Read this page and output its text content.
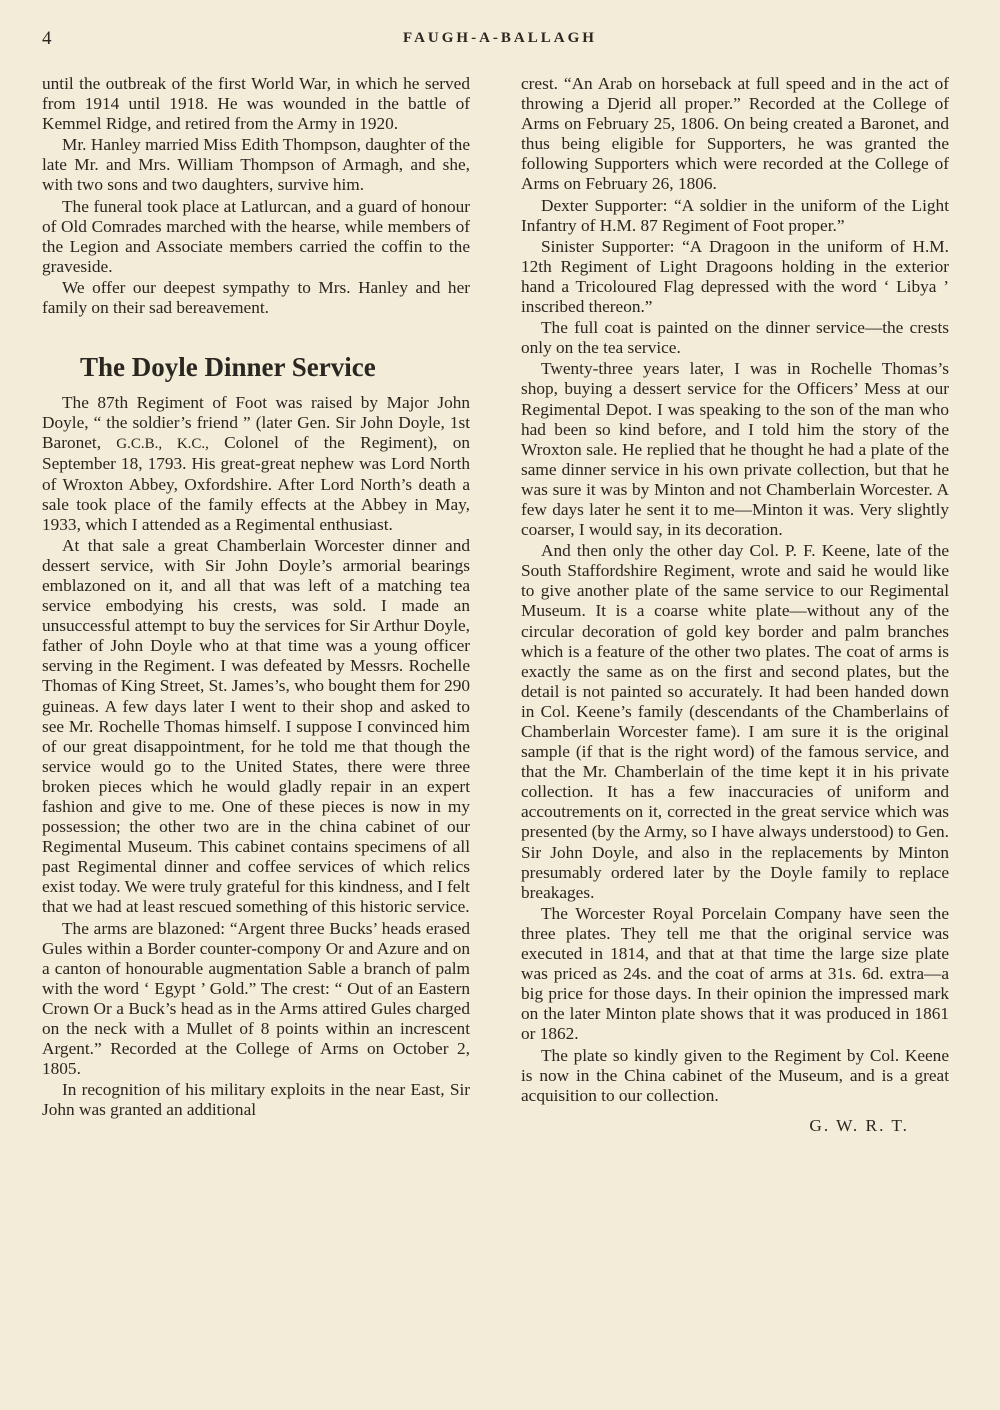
4	FAUGH-A-BALLAGH

until the outbreak of the first World War, in which he served from 1914 until 1918. He was wounded in the battle of Kemmel Ridge, and retired from the Army in 1920.

Mr. Hanley married Miss Edith Thompson, daughter of the late Mr. and Mrs. William Thompson of Armagh, and she, with two sons and two daughters, survive him.

The funeral took place at Latlurcan, and a guard of honour of Old Comrades marched with the hearse, while members of the Legion and Associate members carried the coffin to the graveside.

We offer our deepest sympathy to Mrs. Hanley and her family on their sad bereavement.

The Doyle Dinner Service

The 87th Regiment of Foot was raised by Major John Doyle, “ the soldier’s friend ” (later Gen. Sir John Doyle, 1st Baronet, G.C.B., K.C., Colonel of the Regiment), on September 18, 1793. His great-great nephew was Lord North of Wroxton Abbey, Oxfordshire. After Lord North’s death a sale took place of the family effects at the Abbey in May, 1933, which I attended as a Regimental enthusiast.

At that sale a great Chamberlain Worcester dinner and dessert service, with Sir John Doyle’s armorial bearings emblazoned on it, and all that was left of a matching tea service embodying his crests, was sold. I made an unsuccessful attempt to buy the services for Sir Arthur Doyle, father of John Doyle who at that time was a young officer serving in the Regiment. I was defeated by Messrs. Rochelle Thomas of King Street, St. James’s, who bought them for 290 guineas. A few days later I went to their shop and asked to see Mr. Rochelle Thomas himself. I suppose I convinced him of our great disappointment, for he told me that though the service would go to the United States, there were three broken pieces which he would gladly repair in an expert fashion and give to me. One of these pieces is now in my possession; the other two are in the china cabinet of our Regimental Museum. This cabinet contains specimens of all past Regimental dinner and coffee services of which relics exist today. We were truly grateful for this kindness, and I felt that we had at least rescued something of this historic service.

The arms are blazoned: “Argent three Bucks’ heads erased Gules within a Border counter-compony Or and Azure and on a canton of honourable augmentation Sable a branch of palm with the word ‘ Egypt ’ Gold.” The crest: “ Out of an Eastern Crown Or a Buck’s head as in the Arms attired Gules charged on the neck with a Mullet of 8 points within an increscent Argent.” Recorded at the College of Arms on October 2, 1805.

In recognition of his military exploits in the near East, Sir John was granted an additional

crest. “An Arab on horseback at full speed and in the act of throwing a Djerid all proper.” Recorded at the College of Arms on February 25, 1806. On being created a Baronet, and thus being eligible for Supporters, he was granted the following Supporters which were recorded at the College of Arms on February 26, 1806.

Dexter Supporter: “A soldier in the uniform of the Light Infantry of H.M. 87 Regiment of Foot proper.”

Sinister Supporter: “A Dragoon in the uniform of H.M. 12th Regiment of Light Dragoons holding in the exterior hand a Tricoloured Flag depressed with the word ‘ Libya ’ inscribed thereon.”

The full coat is painted on the dinner service—the crests only on the tea service.

Twenty-three years later, I was in Rochelle Thomas’s shop, buying a dessert service for the Officers’ Mess at our Regimental Depot. I was speaking to the son of the man who had been so kind before, and I told him the story of the Wroxton sale. He replied that he thought he had a plate of the same dinner service in his own private collection, but that he was sure it was by Minton and not Chamberlain Worcester. A few days later he sent it to me—Minton it was. Very slightly coarser, I would say, in its decoration.

And then only the other day Col. P. F. Keene, late of the South Staffordshire Regiment, wrote and said he would like to give another plate of the same service to our Regimental Museum. It is a coarse white plate—without any of the circular decoration of gold key border and palm branches which is a feature of the other two plates. The coat of arms is exactly the same as on the first and second plates, but the detail is not painted so accurately. It had been handed down in Col. Keene’s family (descendants of the Chamberlains of Chamberlain Worcester fame). I am sure it is the original sample (if that is the right word) of the famous service, and that the Mr. Chamberlain of the time kept it in his private collection. It has a few inaccuracies of uniform and accoutrements on it, corrected in the great service which was presented (by the Army, so I have always understood) to Gen. Sir John Doyle, and also in the replacements by Minton presumably ordered later by the Doyle family to replace breakages.

The Worcester Royal Porcelain Company have seen the three plates. They tell me that the original service was executed in 1814, and that at that time the large size plate was priced as 24s. and the coat of arms at 31s. 6d. extra—a big price for those days. In their opinion the impressed mark on the later Minton plate shows that it was produced in 1861 or 1862.

The plate so kindly given to the Regiment by Col. Keene is now in the China cabinet of the Museum, and is a great acquisition to our collection.

G. W. R. T.
